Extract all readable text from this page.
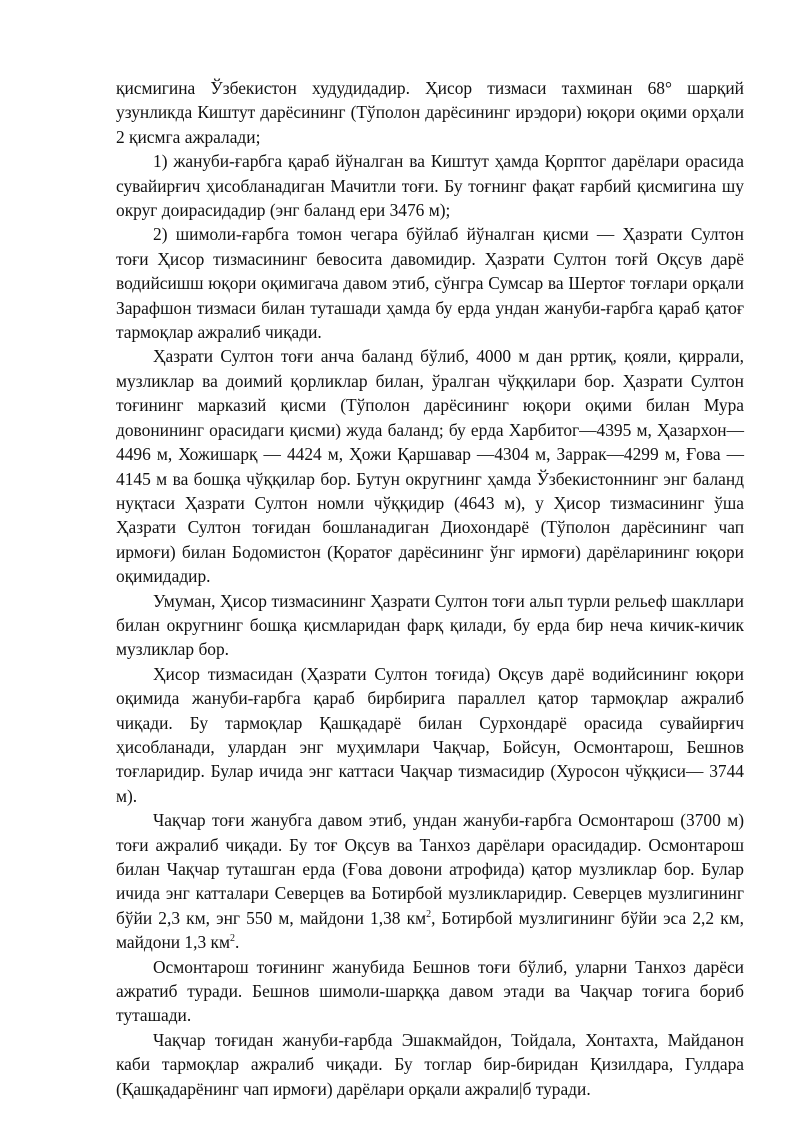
қисмигина Ўзбекистон худудидадир. Ҳисор тизмаси тахминан 68° шарқий узунликда Киштут дарёсининг (Тўполон дарёсининг ирэдори) юқори оқими орҳали 2 қисмга ажралади;

1) жануби-ғарбга қараб йўналган ва Киштут ҳамда Қорптог дарёлари орасида сувайирғич ҳисобланадиган Мачитли тоғи. Бу тоғнинг фақат ғарбий қисмигина шу округ доирасидадир (энг баланд ери 3476 м);

2) шимоли-ғарбга томон чегара бўйлаб йўналган қисми — Ҳазрати Султон тоғи Ҳисор тизмасининг бевосита давомидир. Ҳазрати Султон тоғй Оқсув дарё водийсишш юқори оқимигача давом этиб, сўнгра Сумсар ва Шертоғ тоғлари орқали Зарафшон тизмаси билан туташади ҳамда бу ерда ундан жануби-ғарбга қараб қатоғ тармоқлар ажралиб чиқади.

Ҳазрати Султон тоғи анча баланд бўлиб, 4000 м дан рртиқ, қояли, қиррали, музликлар ва доимий қорликлар билан, ўралган чўққилари бор. Ҳазрати Султон тоғининг марказий қисми (Тўполон дарёсининг юқори оқими билан Мура довонининг орасидаги қисми) жуда баланд; бу ерда Харбитог—4395 м, Ҳазархон—4496 м, Хожишарқ — 4424 м, Ҳожи Қаршавар —4304 м, Заррак—4299 м, Ғова —4145 м ва бошқа чўққилар бор. Бутун округнинг ҳамда Ўзбекистоннинг энг баланд нуқтаси Ҳазрати Султон номли чўққидир (4643 м), у Ҳисор тизмасининг ўша Ҳазрати Султон тоғидан бошланадиган Диохондарё (Тўполон дарёсининг чап ирмоғи) билан Бодомистон (Қоратоғ дарёсининг ўнг ирмоғи) дарёларининг юқори оқимидадир.

Умуман, Ҳисор тизмасининг Ҳазрати Султон тоғи альп турли рельеф шакллари билан округнинг бошқа қисмларидан фарқ қилади, бу ерда бир неча кичик-кичик музликлар бор.

Ҳисор тизмасидан (Ҳазрати Султон тоғида) Оқсув дарё водийсининг юқори оқимида жануби-ғарбга қараб бирбирига параллел қатор тармоқлар ажралиб чиқади. Бу тармоқлар Қашқадарё билан Сурхондарё орасида сувайирғич ҳисобланади, улардан энг муҳимлари Чақчар, Бойсун, Осмонтарош, Бешнов тоғларидир. Булар ичида энг каттаси Чақчар тизмасидир (Хуросон чўққиси— 3744 м).

Чақчар тоғи жанубга давом этиб, ундан жануби-ғарбга Осмонтарош (3700 м) тоғи ажралиб чиқади. Бу тоғ Оқсув ва Танхоз дарёлари орасидадир. Осмонтарош билан Чақчар туташган ерда (Ғова довони атрофида) қатор музликлар бор. Булар ичида энг катталари Северцев ва Ботирбой музликларидир. Северцев музлигининг бўйи 2,3 км, энг 550 м, майдони 1,38 $км^2$, Ботирбой музлигининг бўйи эса 2,2 км, майдони 1,3 $км^2$.

Осмонтарош тоғининг жанубида Бешнов тоғи бўлиб, уларни Танхоз дарёси ажратиб туради. Бешнов шимоли-шарққа давом этади ва Чақчар тоғига бориб туташади.

Чақчар тоғидан жануби-ғарбда Эшакмайдон, Тойдала, Хонтахта, Майданон каби тармоқлар ажралиб чиқади. Бу тоглар бир-биридан Қизилдара, Гулдара (Қашқадарёнинг чап ирмоғи) дарёлари орқали ажрали|б туради.
